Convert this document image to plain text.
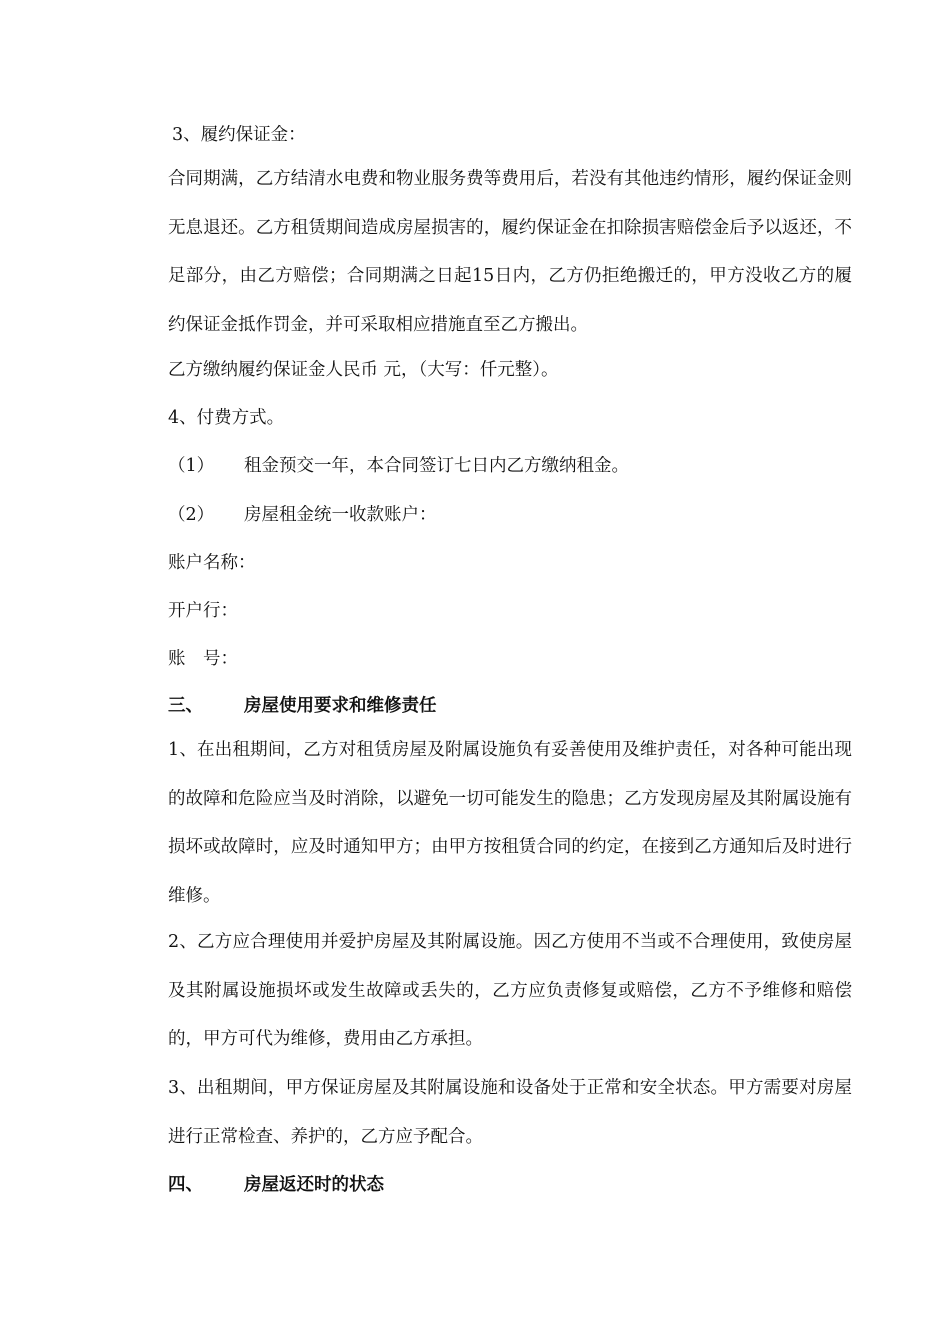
3、履约保证金：
合同期满，乙方结清水电费和物业服务费等费用后，若没有其他违约情形，履约保证金则无息退还。乙方租赁期间造成房屋损害的，履约保证金在扣除损害赔偿金后予以返还，不足部分，由乙方赔偿；合同期满之日起15日内，乙方仍拒绝搬迁的，甲方没收乙方的履约保证金抵作罚金，并可采取相应措施直至乙方搬出。
乙方缴纳履约保证金人民币 元，（大写：仟元整）。
4、付费方式。
（1） 租金预交一年，本合同签订七日内乙方缴纳租金。
（2） 房屋租金统一收款账户：
账户名称：
开户行：
账　号：
三、 房屋使用要求和维修责任
1、在出租期间，乙方对租赁房屋及附属设施负有妥善使用及维护责任，对各种可能出现的故障和危险应当及时消除，以避免一切可能发生的隐患；乙方发现房屋及其附属设施有损坏或故障时，应及时通知甲方；由甲方按租赁合同的约定，在接到乙方通知后及时进行维修。
2、乙方应合理使用并爱护房屋及其附属设施。因乙方使用不当或不合理使用，致使房屋及其附属设施损坏或发生故障或丢失的，乙方应负责修复或赔偿，乙方不予维修和赔偿的，甲方可代为维修，费用由乙方承担。
3、出租期间，甲方保证房屋及其附属设施和设备处于正常和安全状态。甲方需要对房屋进行正常检查、养护的，乙方应予配合。
四、 房屋返还时的状态
